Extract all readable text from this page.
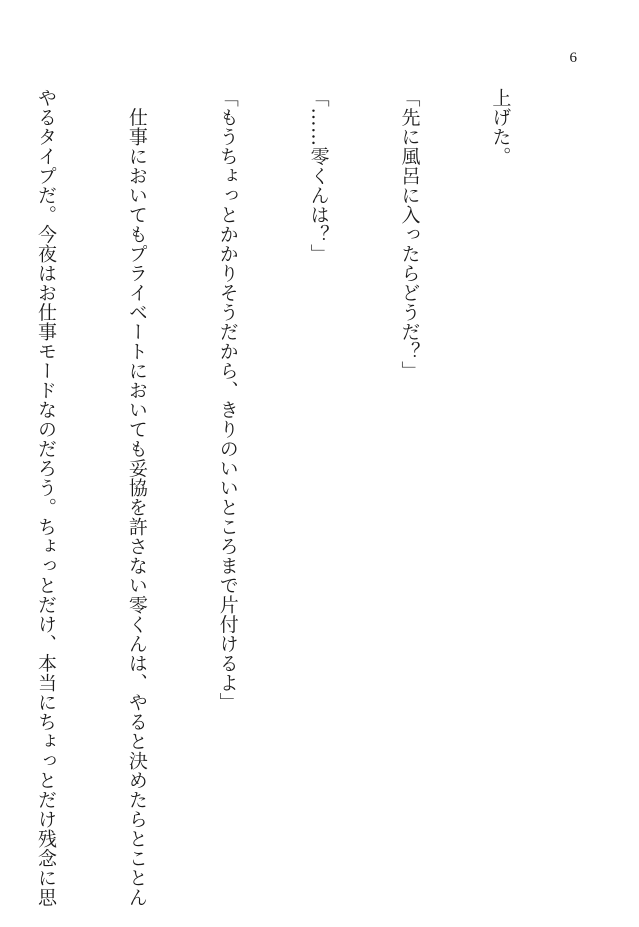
6

上げた。

「先に風呂に入ったらどうだ？」

「……零くんは？」

「もうちょっとかかりそうだから、きりのいいところまで片付けるよ」

　仕事においてもプライベートにおいても妥協を許さない零くんは、やると決めたらとことん

やるタイプだ。今夜はお仕事モードなのだろう。ちょっとだけ、本当にちょっとだけ残念に思
